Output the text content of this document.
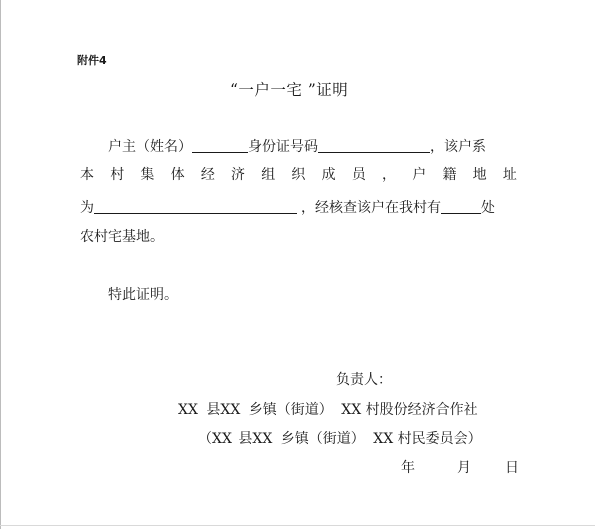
附件4
“一户一宅 ”证明
户主（姓名）	身份证号码	，该户系
本 村 集 体 经 济 组 织 成 员 ， 户 籍 地 址
为	，经核查该户在我村有	处
农村宅基地。
特此证明。
负责人：
XX 县XX 乡镇（街道） XX 村股份经济合作社
（XX 县XX 乡镇（街道） XX 村民委员会）
年	月 日
